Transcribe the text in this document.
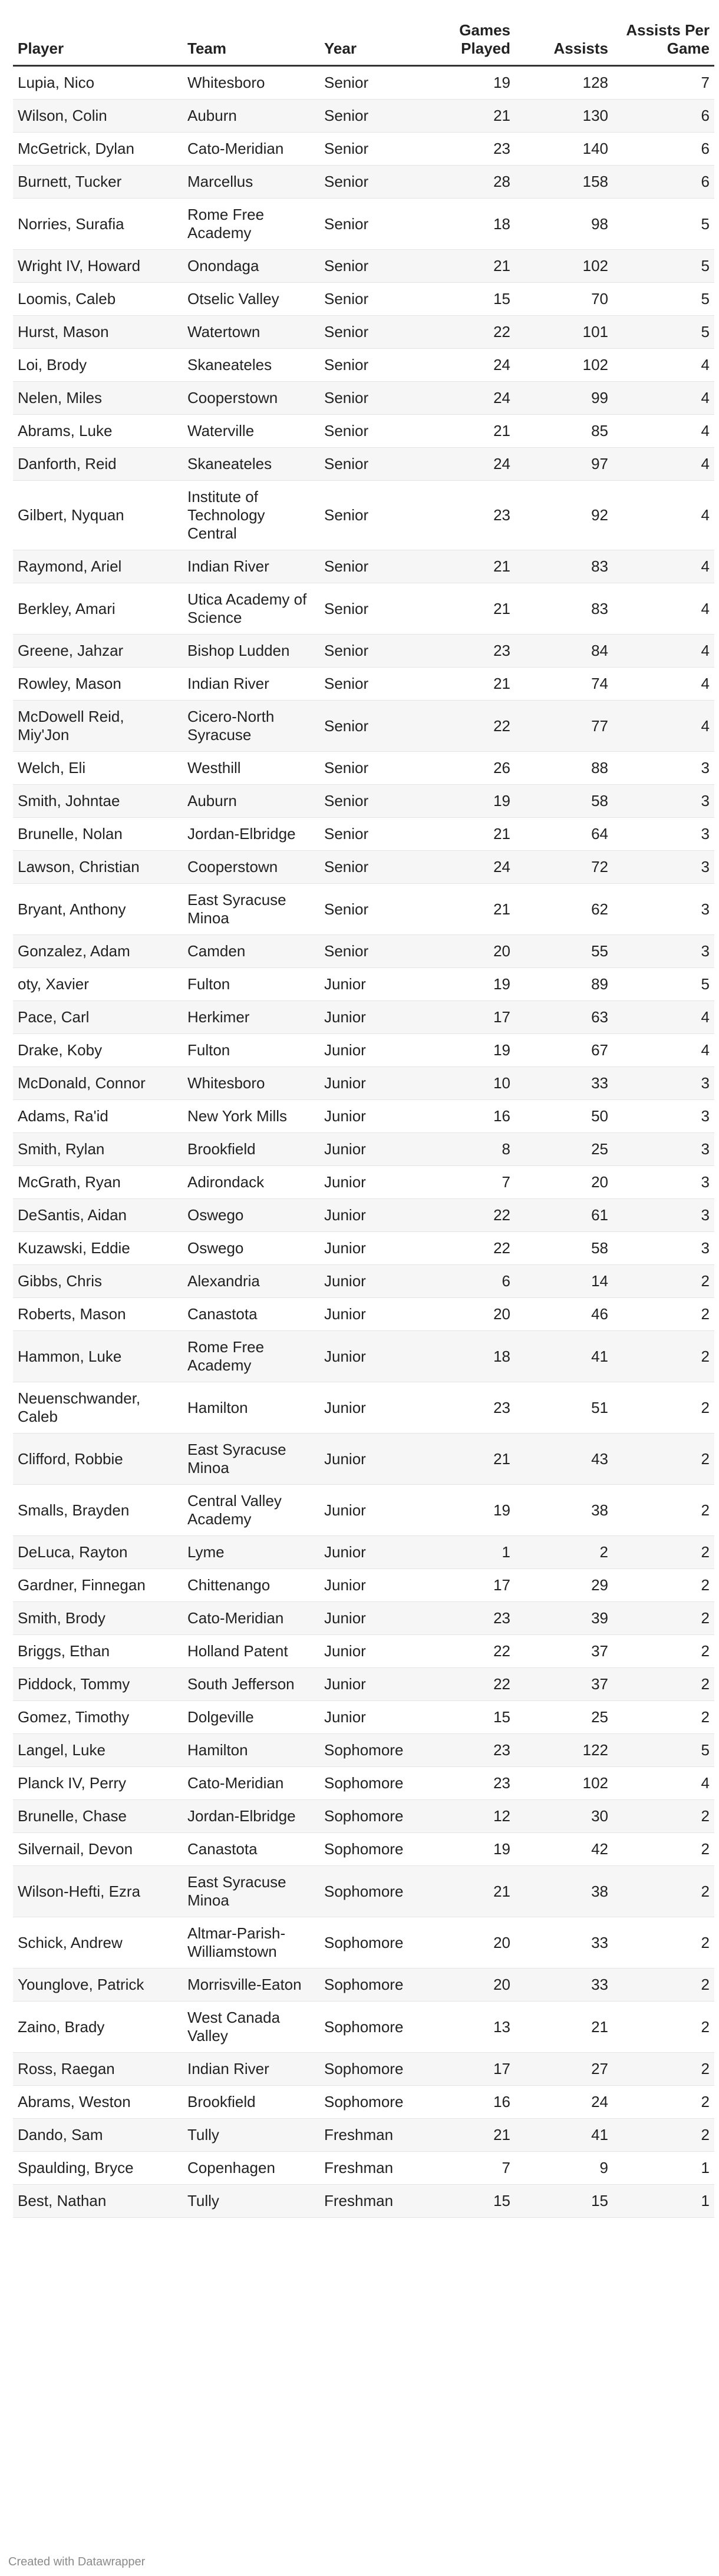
Player	Team	Year	Games Played	Assists	Assists Per Game
Lupia, Nico	Whitesboro	Senior	19	128	7
Wilson, Colin	Auburn	Senior	21	130	6
McGetrick, Dylan	Cato-Meridian	Senior	23	140	6
Burnett, Tucker	Marcellus	Senior	28	158	6
Norries, Surafia	Rome Free Academy	Senior	18	98	5
Wright IV, Howard	Onondaga	Senior	21	102	5
Loomis, Caleb	Otselic Valley	Senior	15	70	5
Hurst, Mason	Watertown	Senior	22	101	5
Loi, Brody	Skaneateles	Senior	24	102	4
Nelen, Miles	Cooperstown	Senior	24	99	4
Abrams, Luke	Waterville	Senior	21	85	4
Danforth, Reid	Skaneateles	Senior	24	97	4
Gilbert, Nyquan	Institute of Technology Central	Senior	23	92	4
Raymond, Ariel	Indian River	Senior	21	83	4
Berkley, Amari	Utica Academy of Science	Senior	21	83	4
Greene, Jahzar	Bishop Ludden	Senior	23	84	4
Rowley, Mason	Indian River	Senior	21	74	4
McDowell Reid, Miy'Jon	Cicero-North Syracuse	Senior	22	77	4
Welch, Eli	Westhill	Senior	26	88	3
Smith, Johntae	Auburn	Senior	19	58	3
Brunelle, Nolan	Jordan-Elbridge	Senior	21	64	3
Lawson, Christian	Cooperstown	Senior	24	72	3
Bryant, Anthony	East Syracuse Minoa	Senior	21	62	3
Gonzalez, Adam	Camden	Senior	20	55	3
oty, Xavier	Fulton	Junior	19	89	5
Pace, Carl	Herkimer	Junior	17	63	4
Drake, Koby	Fulton	Junior	19	67	4
McDonald, Connor	Whitesboro	Junior	10	33	3
Adams, Ra'id	New York Mills	Junior	16	50	3
Smith, Rylan	Brookfield	Junior	8	25	3
McGrath, Ryan	Adirondack	Junior	7	20	3
DeSantis, Aidan	Oswego	Junior	22	61	3
Kuzawski, Eddie	Oswego	Junior	22	58	3
Gibbs, Chris	Alexandria	Junior	6	14	2
Roberts, Mason	Canastota	Junior	20	46	2
Hammon, Luke	Rome Free Academy	Junior	18	41	2
Neuenschwander, Caleb	Hamilton	Junior	23	51	2
Clifford, Robbie	East Syracuse Minoa	Junior	21	43	2
Smalls, Brayden	Central Valley Academy	Junior	19	38	2
DeLuca, Rayton	Lyme	Junior	1	2	2
Gardner, Finnegan	Chittenango	Junior	17	29	2
Smith, Brody	Cato-Meridian	Junior	23	39	2
Briggs, Ethan	Holland Patent	Junior	22	37	2
Piddock, Tommy	South Jefferson	Junior	22	37	2
Gomez, Timothy	Dolgeville	Junior	15	25	2
Langel, Luke	Hamilton	Sophomore	23	122	5
Planck IV, Perry	Cato-Meridian	Sophomore	23	102	4
Brunelle, Chase	Jordan-Elbridge	Sophomore	12	30	2
Silvernail, Devon	Canastota	Sophomore	19	42	2
Wilson-Hefti, Ezra	East Syracuse Minoa	Sophomore	21	38	2
Schick, Andrew	Altmar-Parish-Williamstown	Sophomore	20	33	2
Younglove, Patrick	Morrisville-Eaton	Sophomore	20	33	2
Zaino, Brady	West Canada Valley	Sophomore	13	21	2
Ross, Raegan	Indian River	Sophomore	17	27	2
Abrams, Weston	Brookfield	Sophomore	16	24	2
Dando, Sam	Tully	Freshman	21	41	2
Spaulding, Bryce	Copenhagen	Freshman	7	9	1
Best, Nathan	Tully	Freshman	15	15	1
Created with Datawrapper
